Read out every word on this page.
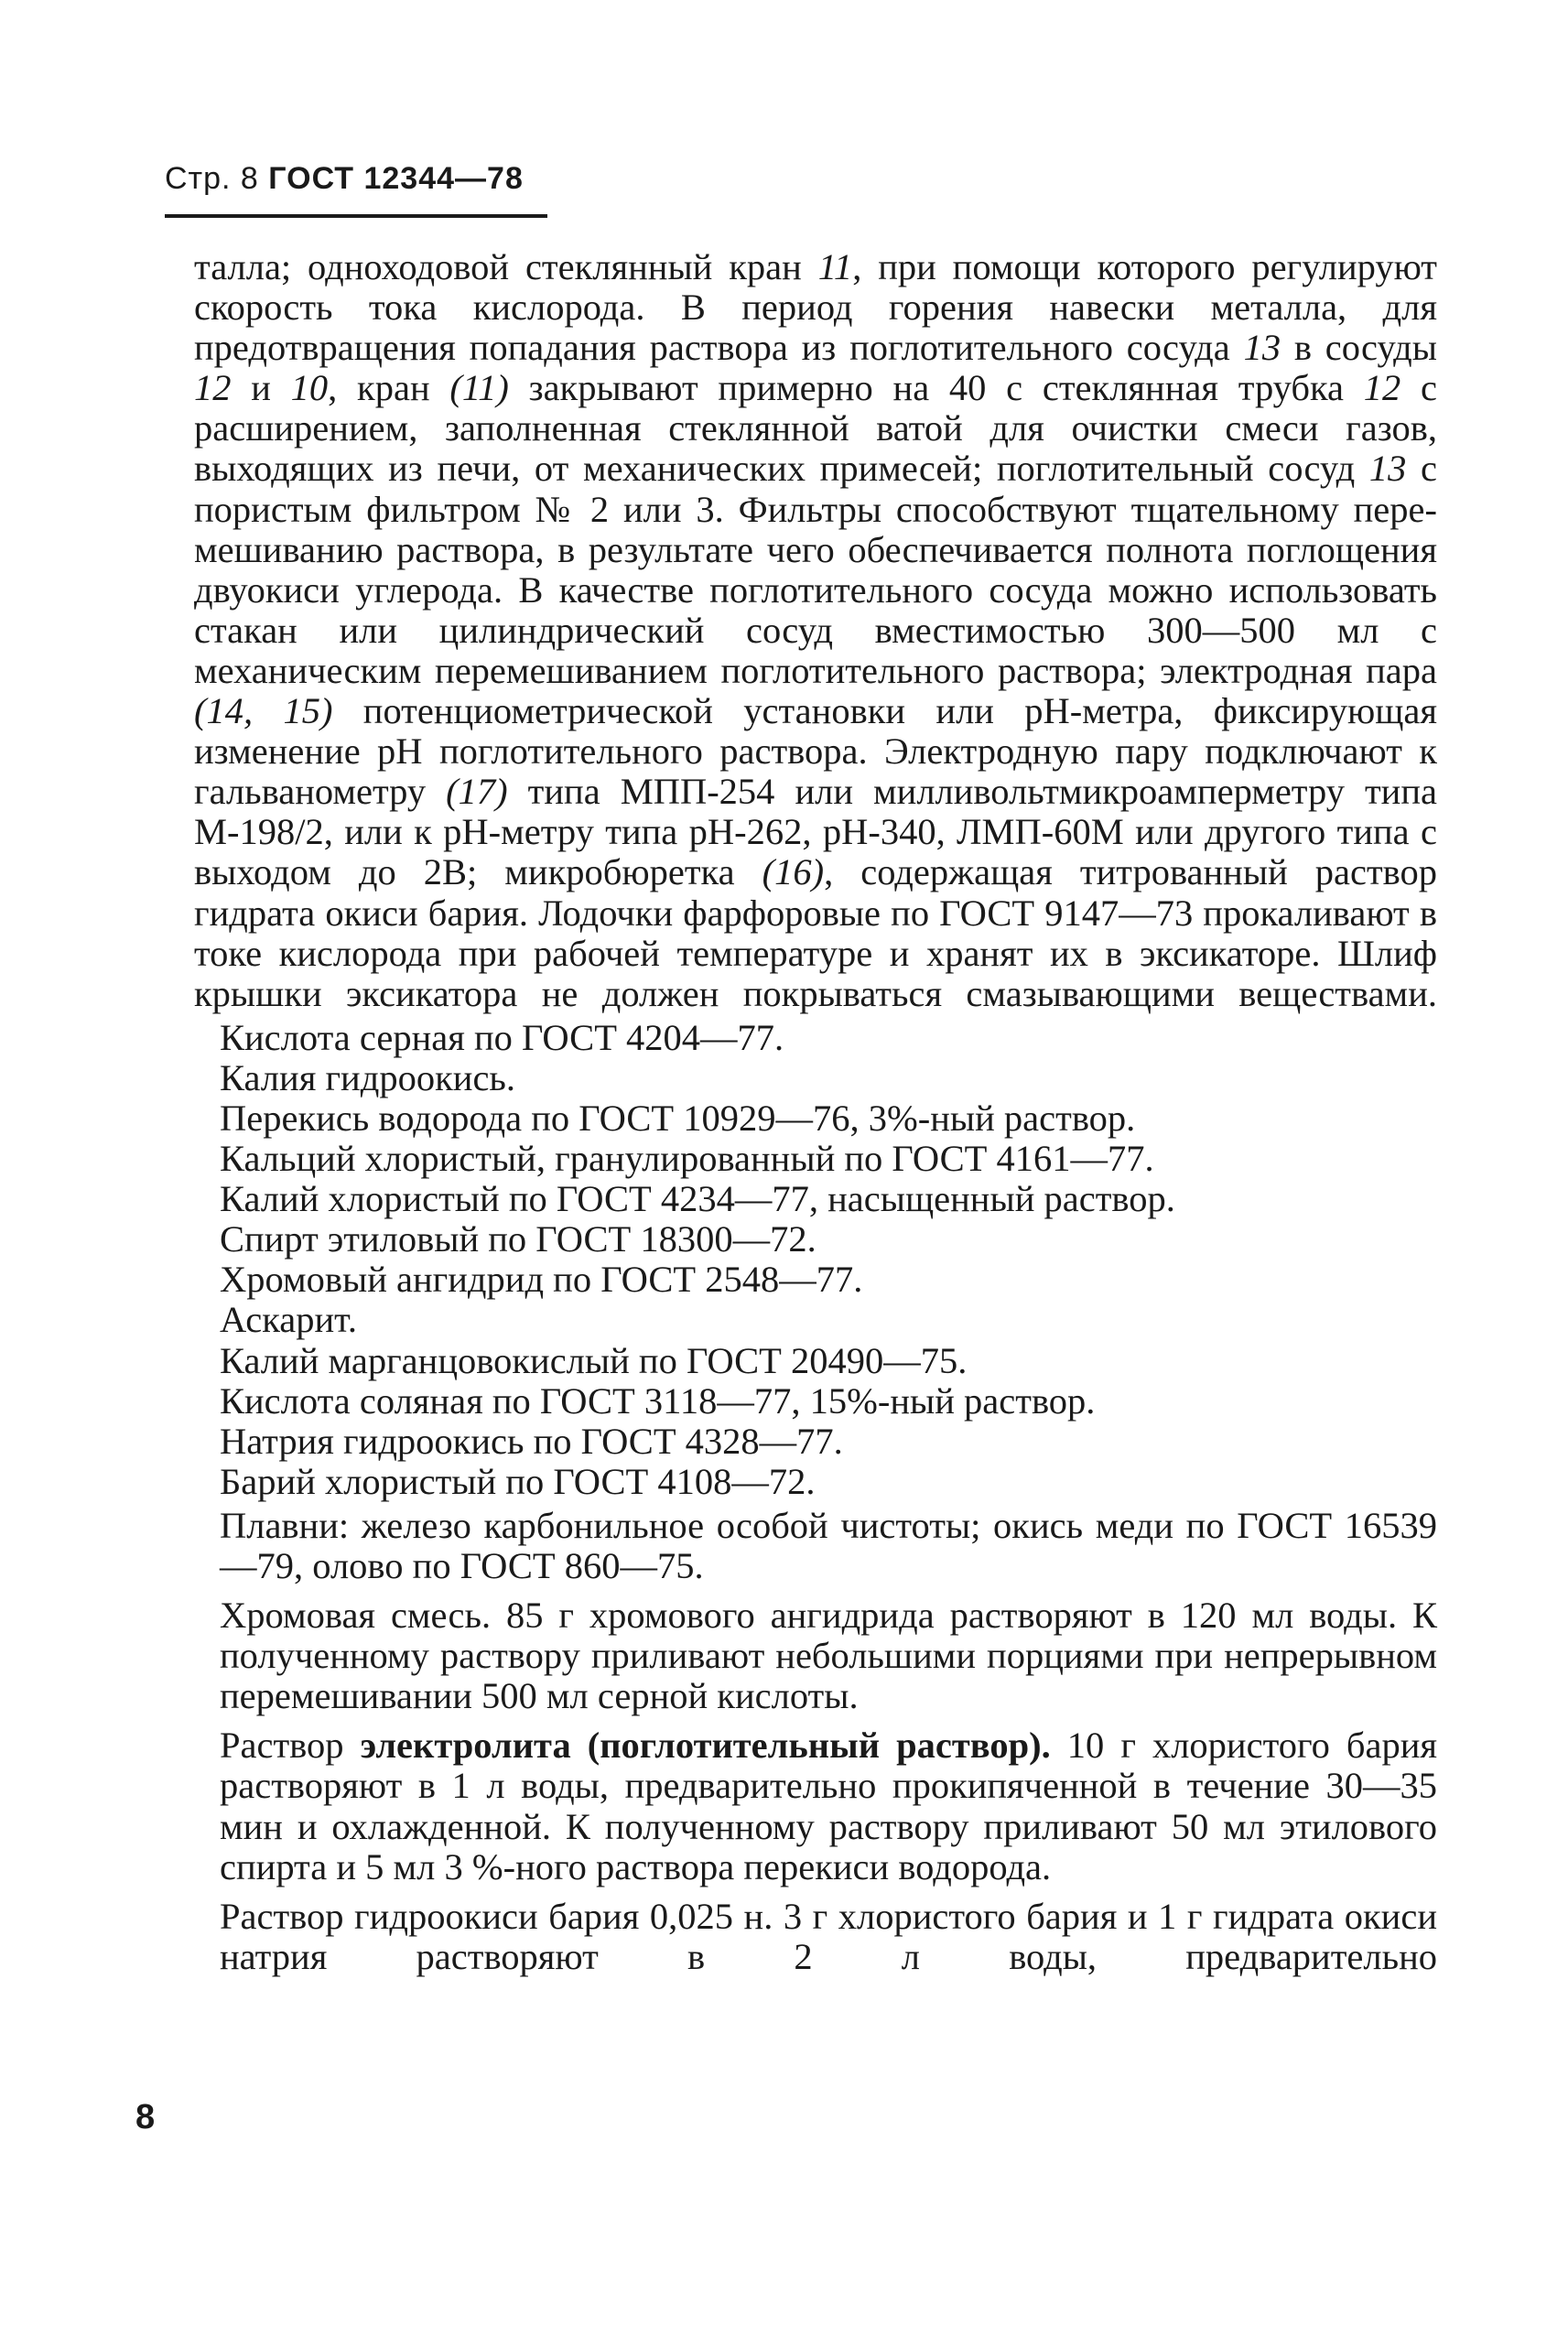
Стр. 8 ГОСТ 12344—78

талла; одноходовой стеклянный кран 11, при помощи которого регулируют скорость тока кислорода. В период горения навески металла, для предотвращения попадания раствора из поглотительного сосуда 13 в сосуды 12 и 10, кран (11) закрывают примерно на 40 с стеклянная трубка 12 с расширением, заполненная стеклянной ватой для очистки смеси газов, выходящих из печи, от механических примесей; поглотительный сосуд 13 с пористым фильтром № 2 или 3. Фильтры способствуют тщательному перемешиванию раствора, в результате чего обеспечивается полнота поглощения двуокиси углерода. В качестве поглотительного сосуда можно использовать стакан или цилиндрический сосуд вместимостью 300—500 мл с механическим перемешиванием поглотительного раствора; электродная пара (14, 15) потенциометрической установки или pH-метра, фиксирующая изменение pH поглотительного раствора. Электродную пару подключают к гальванометру (17) типа МПП-254 или милливольтмикроамперметру типа М-198/2, или к pH-метру типа pH-262, pH-340, ЛМП-60М или другого типа с выходом до 2В; микробюретка (16), содержащая титрованный раствор гидрата окиси бария. Лодочки фарфоровые по ГОСТ 9147—73 прокаливают в токе кислорода при рабочей температуре и хранят их в эксикаторе. Шлиф крышки эксикатора не должен покрываться смазывающими веществами.

Кислота серная по ГОСТ 4204—77.

Калия гидроокись.

Перекись водорода по ГОСТ 10929—76, 3%-ный раствор.

Кальций хлористый, гранулированный по ГОСТ 4161—77.

Калий хлористый по ГОСТ 4234—77, насыщенный раствор.

Спирт этиловый по ГОСТ 18300—72.

Хромовый ангидрид по ГОСТ 2548—77.

Аскарит.

Калий марганцовокислый по ГОСТ 20490—75.

Кислота соляная по ГОСТ 3118—77, 15%-ный раствор.

Натрия гидроокись по ГОСТ 4328—77.

Барий хлористый по ГОСТ 4108—72.

Плавни: железо карбонильное особой чистоты; окись меди по ГОСТ 16539—79, олово по ГОСТ 860—75.

Хромовая смесь. 85 г хромового ангидрида растворяют в 120 мл воды. К полученному раствору приливают небольшими порциями при непрерывном перемешивании 500 мл серной кислоты.

Раствор электролита (поглотительный раствор). 10 г хлористого бария растворяют в 1 л воды, предварительно прокипяченной в течение 30—35 мин и охлажденной. К полученному раствору приливают 50 мл этилового спирта и 5 мл 3 %-ного раствора перекиси водорода.

Раствор гидроокиси бария 0,025 н. 3 г хлористого бария и 1 г гидрата окиси натрия растворяют в 2 л воды, предварительно

8
